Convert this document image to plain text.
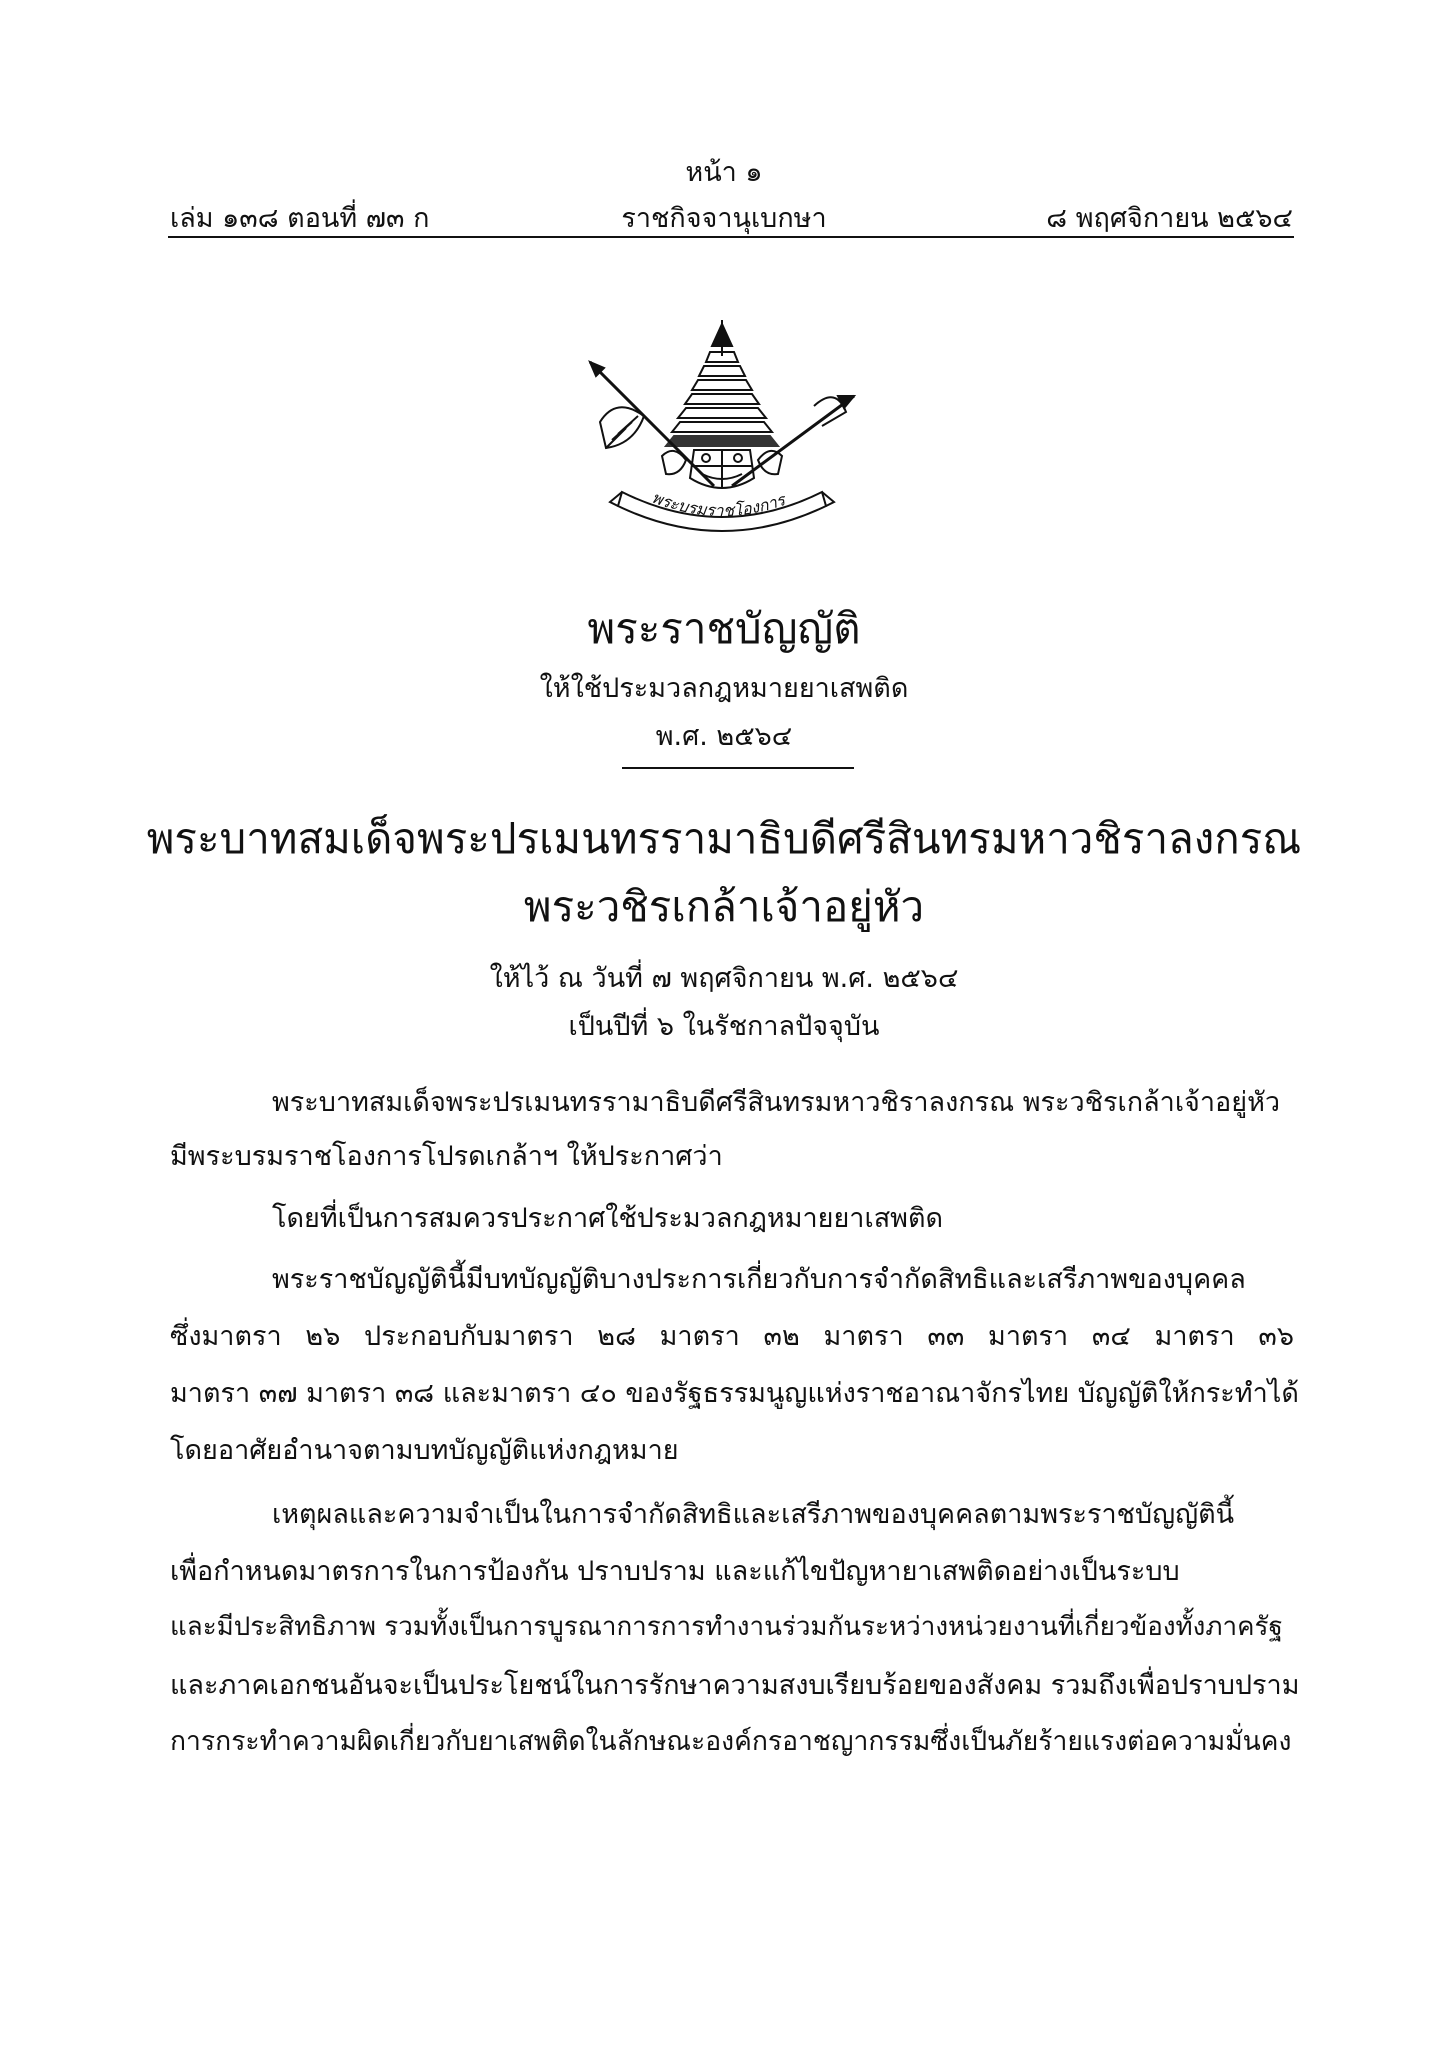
หน้า ๑
เล่ม ๑๓๘ ตอนที่ ๗๓ ก	ราชกิจจานุเบกษา	๘ พฤศจิกายน ๒๕๖๔
พระบรมราชโองการ
พระราชบัญญัติ
ให้ใช้ประมวลกฎหมายยาเสพติด
พ.ศ. ๒๕๖๔
พระบาทสมเด็จพระปรเมนทรรามาธิบดีศรีสินทรมหาวชิราลงกรณ
พระวชิรเกล้าเจ้าอยู่หัว
ให้ไว้ ณ วันที่ ๗ พฤศจิกายน พ.ศ. ๒๕๖๔
เป็นปีที่ ๖ ในรัชกาลปัจจุบัน
พระบาทสมเด็จพระปรเมนทรรามาธิบดีศรีสินทรมหาวชิราลงกรณ พระวชิรเกล้าเจ้าอยู่หัว
มีพระบรมราชโองการโปรดเกล้าฯ ให้ประกาศว่า
โดยที่เป็นการสมควรประกาศใช้ประมวลกฎหมายยาเสพติด
พระราชบัญญัตินี้มีบทบัญญัติบางประการเกี่ยวกับการจำกัดสิทธิและเสรีภาพของบุคคล
ซึ่งมาตรา ๒๖ ประกอบกับมาตรา ๒๘ มาตรา ๓๒ มาตรา ๓๓ มาตรา ๓๔ มาตรา ๓๖
มาตรา ๓๗ มาตรา ๓๘ และมาตรา ๔๐ ของรัฐธรรมนูญแห่งราชอาณาจักรไทย บัญญัติให้กระทำได้
โดยอาศัยอำนาจตามบทบัญญัติแห่งกฎหมาย
เหตุผลและความจำเป็นในการจำกัดสิทธิและเสรีภาพของบุคคลตามพระราชบัญญัตินี้
เพื่อกำหนดมาตรการในการป้องกัน ปราบปราม และแก้ไขปัญหายาเสพติดอย่างเป็นระบบ
และมีประสิทธิภาพ รวมทั้งเป็นการบูรณาการการทำงานร่วมกันระหว่างหน่วยงานที่เกี่ยวข้องทั้งภาครัฐ
และภาคเอกชนอันจะเป็นประโยชน์ในการรักษาความสงบเรียบร้อยของสังคม รวมถึงเพื่อปราบปราม
การกระทำความผิดเกี่ยวกับยาเสพติดในลักษณะองค์กรอาชญากรรมซึ่งเป็นภัยร้ายแรงต่อความมั่นคง
